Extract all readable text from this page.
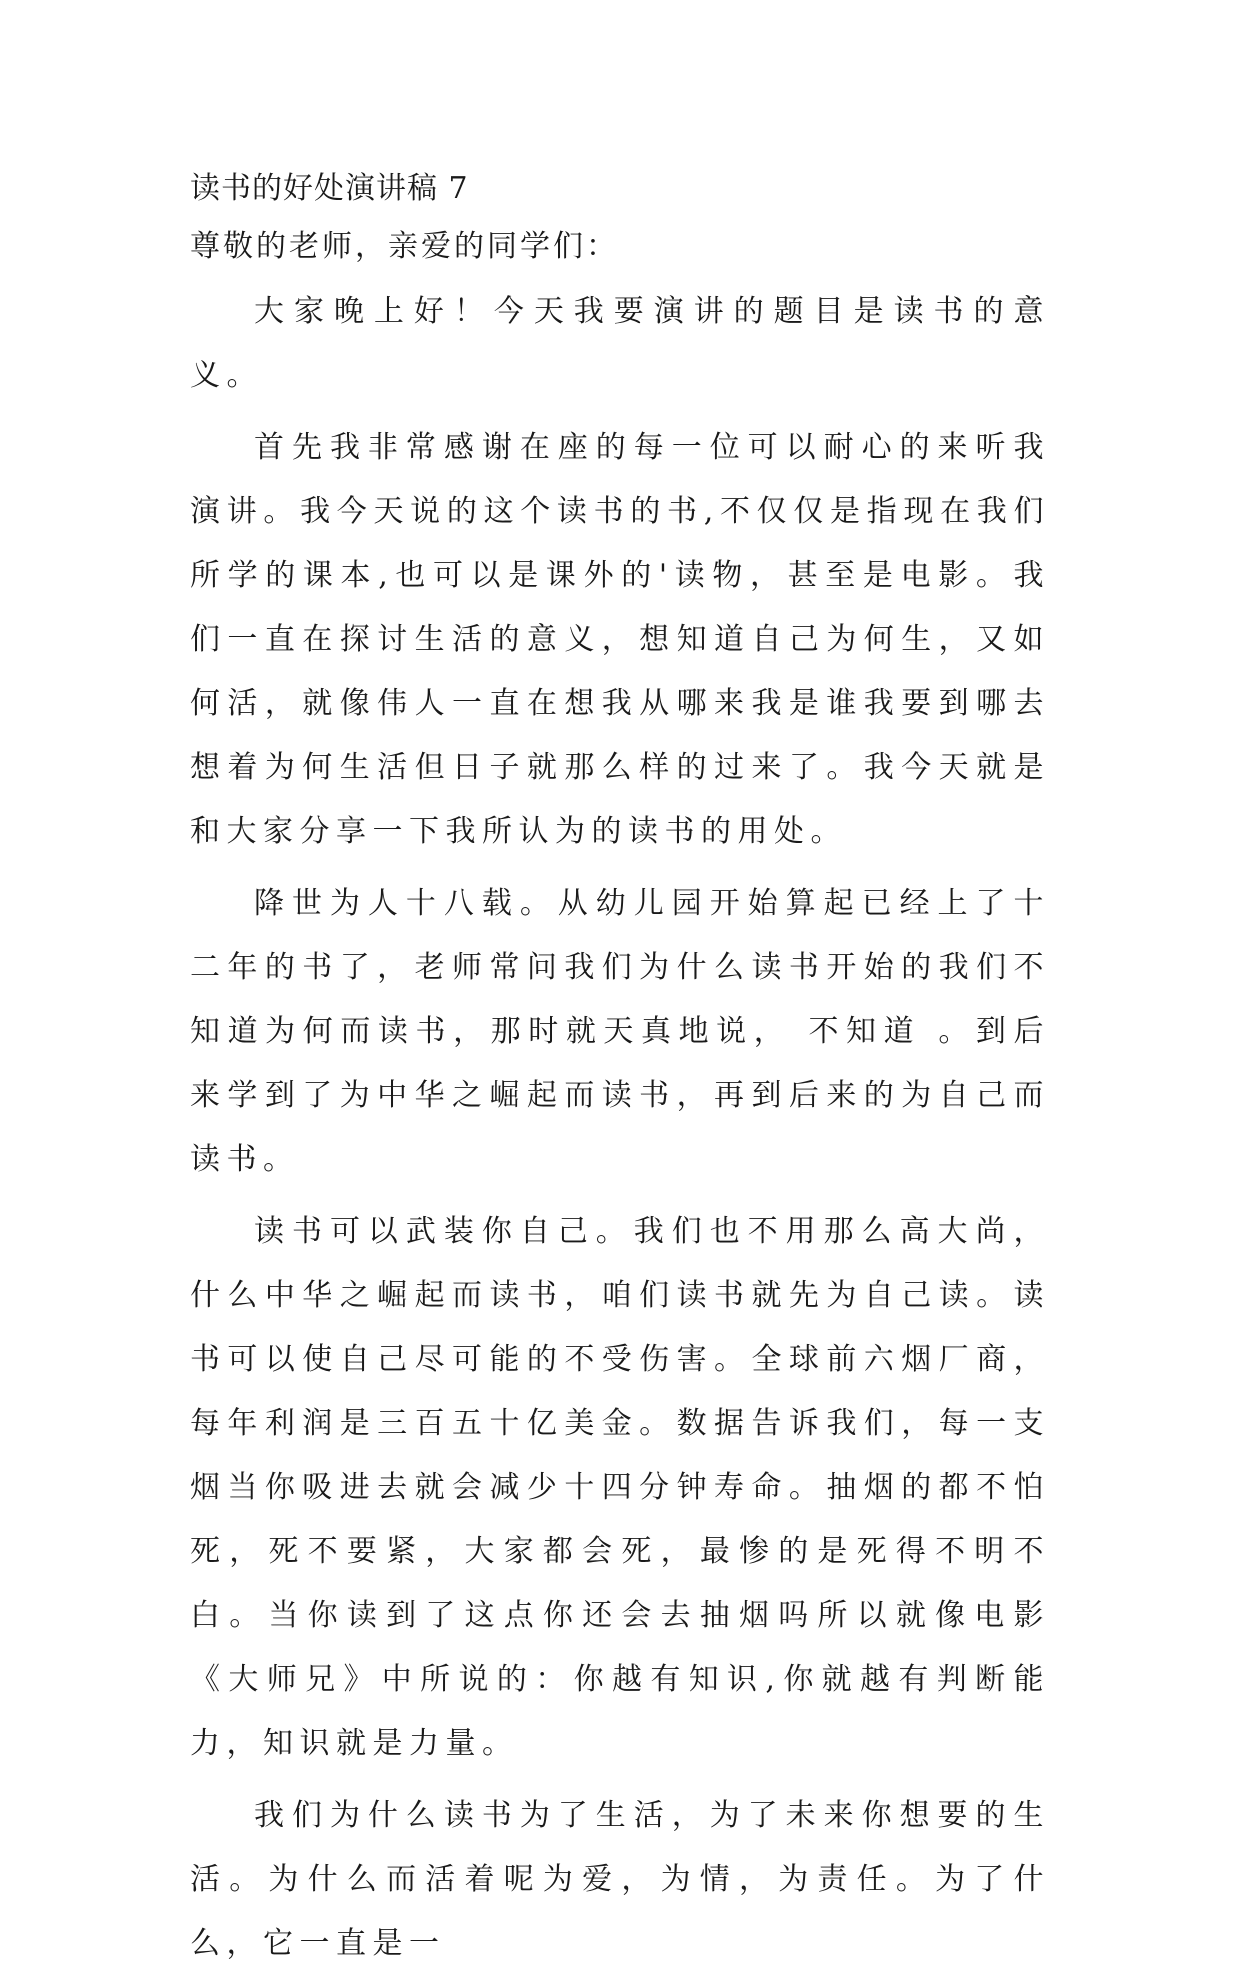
读书的好处演讲稿 7

尊敬的老师，亲爱的同学们：

大家晚上好！今天我要演讲的题目是读书的意义。

首先我非常感谢在座的每一位可以耐心的来听我演讲。我今天说的这个读书的书,不仅仅是指现在我们所学的课本,也可以是课外的'读物，甚至是电影。我们一直在探讨生活的意义，想知道自己为何生，又如何活，就像伟人一直在想我从哪来我是谁我要到哪去想着为何生活但日子就那么样的过来了。我今天就是和大家分享一下我所认为的读书的用处。

降世为人十八载。从幼儿园开始算起已经上了十二年的书了，老师常问我们为什么读书开始的我们不知道为何而读书，那时就天真地说， 不知道 。到后来学到了为中华之崛起而读书，再到后来的为自己而读书。

读书可以武装你自己。我们也不用那么高大尚，什么中华之崛起而读书，咱们读书就先为自己读。读书可以使自己尽可能的不受伤害。全球前六烟厂商，每年利润是三百五十亿美金。数据告诉我们，每一支烟当你吸进去就会减少十四分钟寿命。抽烟的都不怕死，死不要紧，大家都会死，最惨的是死得不明不白。当你读到了这点你还会去抽烟吗所以就像电影《大师兄》中所说的：你越有知识,你就越有判断能力，知识就是力量。

我们为什么读书为了生活，为了未来你想要的生活。为什么而活着呢为爱，为情，为责任。为了什么，它一直是一
